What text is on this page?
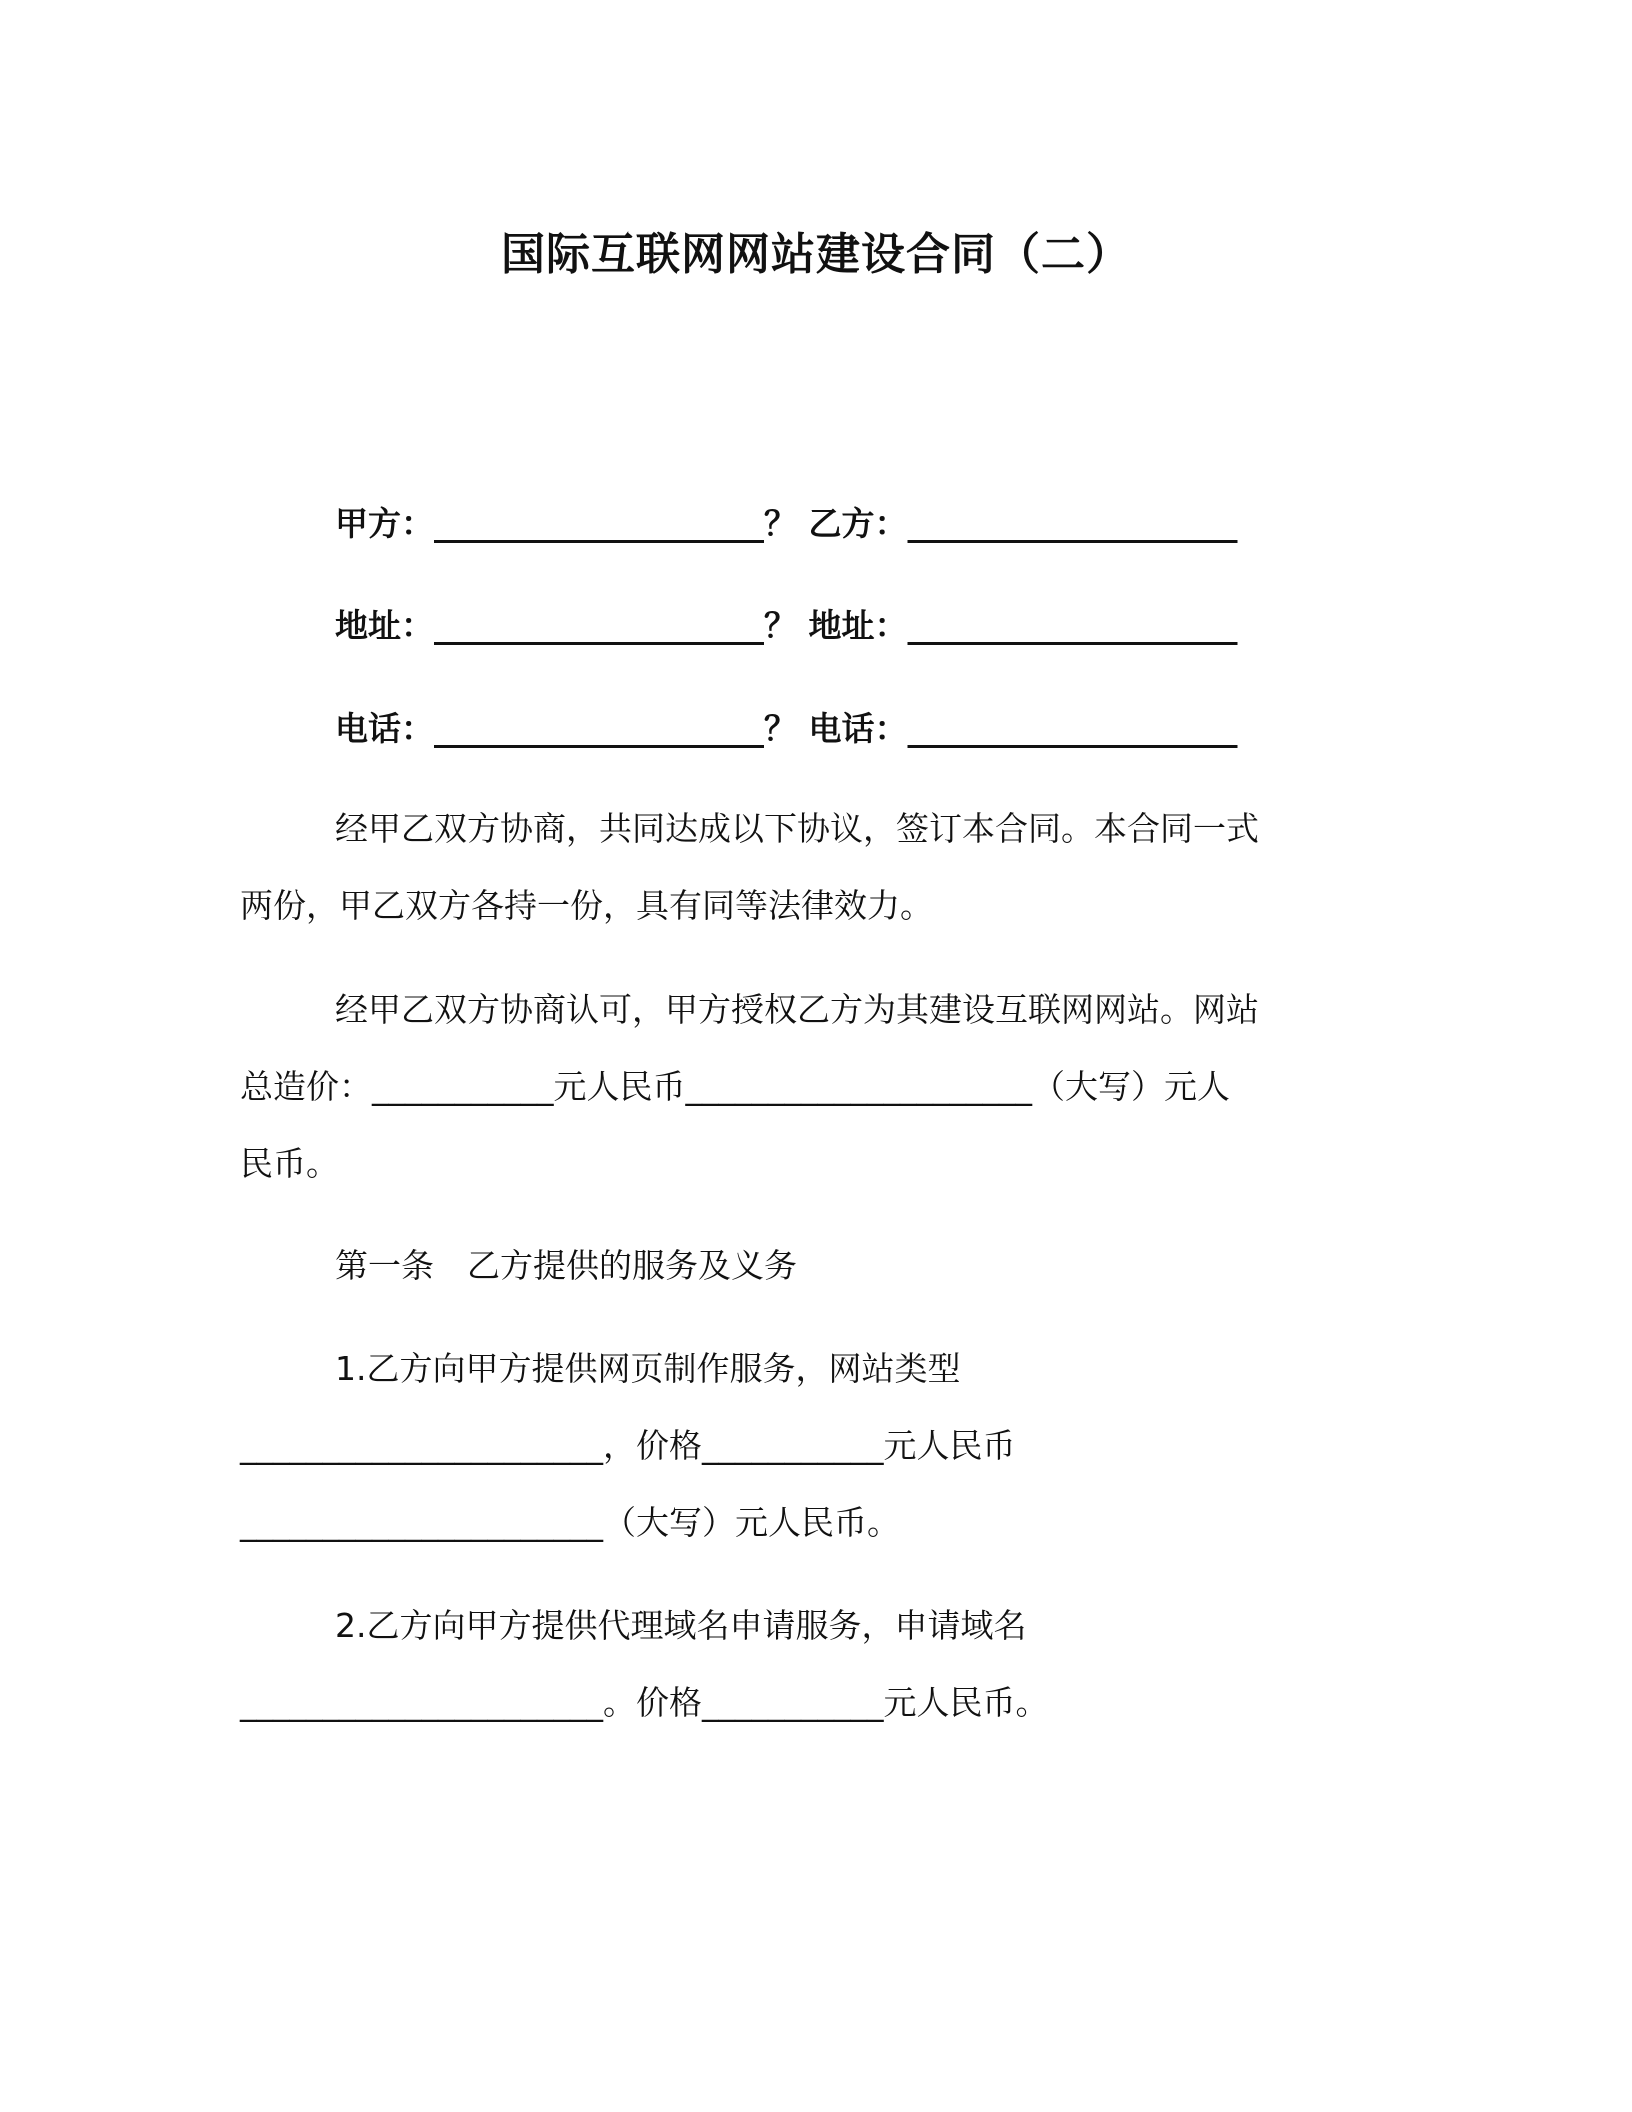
国际互联网网站建设合同（二）

甲方：____________________？ 乙方：____________________

地址：____________________？ 地址：____________________

电话：____________________？ 电话：____________________

经甲乙双方协商，共同达成以下协议，签订本合同。本合同一式

两份，甲乙双方各持一份，具有同等法律效力。

经甲乙双方协商认可，甲方授权乙方为其建设互联网网站。网站

总造价：___________元人民币_____________________（大写）元人

民币。

第一条　乙方提供的服务及义务

1.乙方向甲方提供网页制作服务，网站类型

______________________，价格___________元人民币

______________________（大写）元人民币。

2.乙方向甲方提供代理域名申请服务，申请域名

______________________。价格___________元人民币。
